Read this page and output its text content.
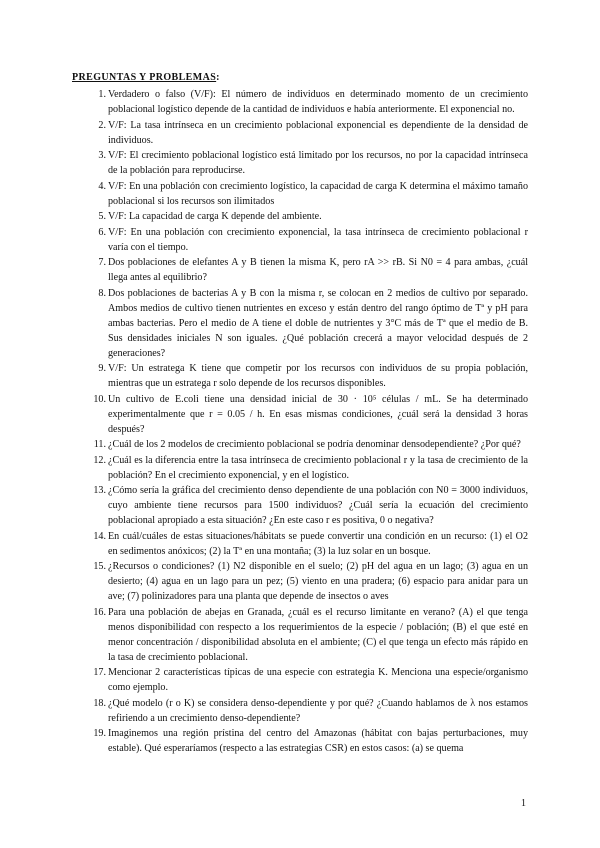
PREGUNTAS Y PROBLEMAS:
1 . Verdadero o falso (V/F): El número de individuos en determinado momento de un crecimiento poblacional logístico depende de la cantidad de individuos e había anteriormente. El exponencial no.
2 . V/F: La tasa intrínseca en un crecimiento poblacional exponencial es dependiente de la densidad de individuos.
3 . V/F: El crecimiento poblacional logístico está limitado por los recursos, no por la capacidad intrínseca de la población para reproducirse.
4 . V/F: En una población con crecimiento logístico, la capacidad de carga K determina el máximo tamaño poblacional si los recursos son ilimitados
5 . V/F: La capacidad de carga K depende del ambiente.
6 . V/F: En una población con crecimiento exponencial, la tasa intrínseca de crecimiento poblacional r varía con el tiempo.
7 . Dos poblaciones de elefantes A y B tienen la misma K, pero rA >> rB. Si N0 = 4 para ambas, ¿cuál llega antes al equilibrio?
8 . Dos poblaciones de bacterias A y B con la misma r, se colocan en 2 medios de cultivo por separado. Ambos medios de cultivo tienen nutrientes en exceso y están dentro del rango óptimo de Tª y pH para ambas bacterias. Pero el medio de A tiene el doble de nutrientes y 3°C más de Tª que el medio de B. Sus densidades iniciales N son iguales. ¿Qué población crecerá a mayor velocidad después de 2 generaciones?
9 . V/F: Un estratega K tiene que competir por los recursos con individuos de su propia población, mientras que un estratega r solo depende de los recursos disponibles.
10 . Un cultivo de E.coli tiene una densidad inicial de 30 · 10⁵ células / mL. Se ha determinado experimentalmente que r = 0.05 / h. En esas mismas condiciones, ¿cuál será la densidad 3 horas después?
11 . ¿Cuál de los 2 modelos de crecimiento poblacional se podría denominar densodependiente? ¿Por qué?
12 . ¿Cuál es la diferencia entre la tasa intrínseca de crecimiento poblacional r y la tasa de crecimiento de la población? En el crecimiento exponencial, y en el logístico.
13 . ¿Cómo sería la gráfica del crecimiento denso dependiente de una población con N0 = 3000 individuos, cuyo ambiente tiene recursos para 1500 individuos? ¿Cuál sería la ecuación del crecimiento poblacional apropiado a esta situación? ¿En este caso r es positiva, 0 o negativa?
14 . En cuál/cuáles de estas situaciones/hábitats se puede convertir una condición en un recurso: (1) el O2 en sedimentos anóxicos; (2) la Tª en una montaña; (3) la luz solar en un bosque.
15 . ¿Recursos o condiciones? (1) N2 disponible en el suelo; (2) pH del agua en un lago; (3) agua en un desierto; (4) agua en un lago para un pez; (5) viento en una pradera; (6) espacio para anidar para un ave; (7) polinizadores para una planta que depende de insectos o aves
16 . Para una población de abejas en Granada, ¿cuál es el recurso limitante en verano? (A) el que tenga menos disponibilidad con respecto a los requerimientos de la especie / población; (B) el que esté en menor concentración / disponibilidad absoluta en el ambiente; (C) el que tenga un efecto más rápido en la tasa de crecimiento poblacional.
17 . Mencionar 2 características típicas de una especie con estrategia K. Menciona una especie/organismo como ejemplo.
18 . ¿Qué modelo (r o K) se considera denso-dependiente y por qué? ¿Cuando hablamos de λ nos estamos refiriendo a un crecimiento denso-dependiente?
19 . Imaginemos una región prístina del centro del Amazonas (hábitat con bajas perturbaciones, muy estable). Qué esperaríamos (respecto a las estrategias CSR) en estos casos: (a) se quema
1
